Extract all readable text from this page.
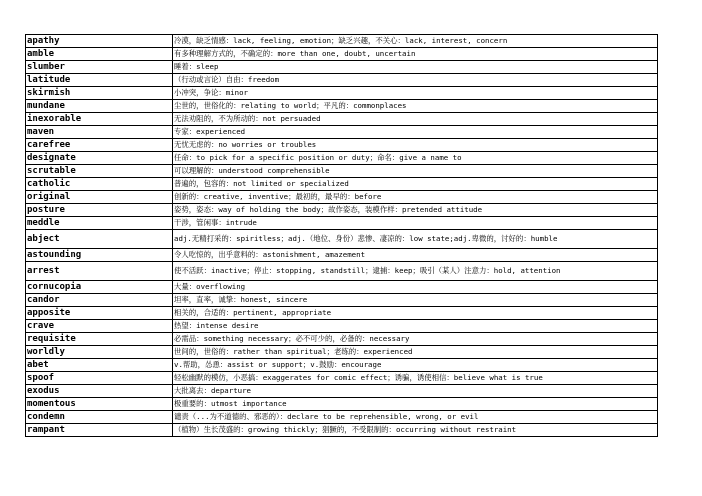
apathy	冷漠，缺乏情感：lack, feeling, emotion；缺乏兴趣，不关心：lack, interest, concern
amble	有多种理解方式的，不确定的：more than one, doubt, uncertain
slumber	睡着：sleep
latitude	（行动或言论）自由：freedom
skirmish	小冲突，争论：minor
mundane	尘世的，世俗化的：relating to world；平凡的：commonplaces
inexorable	无法劝阻的，不为所动的：not persuaded
maven	专家：experienced
carefree	无忧无虑的：no worries or troubles
designate	任命：to pick for a specific position or duty；命名：give a name to
scrutable	可以理解的：understood comprehensible
catholic	普遍的，包容的：not limited or specialized
original	创新的：creative, inventive；最初的，最早的：before
posture	姿势，姿态：way of holding the body；故作姿态，装模作样：pretended attitude
meddle	干涉，管闲事：intrude
abject	adj.无精打采的：spiritless；adj.（地位、身份）悲惨、凄凉的：low state;adj.卑微的，讨好的：humble
astounding	令人吃惊的，出乎意料的：astonishment, amazement
arrest	使不活跃：inactive；停止：stopping, standstill；逮捕：keep；吸引（某人）注意力：hold, attention
cornucopia	大量：overflowing
candor	坦率，直率，诚挚：honest, sincere
apposite	相关的，合适的：pertinent, appropriate
crave	热望：intense desire
requisite	必需品：something necessary；必不可少的，必备的：necessary
worldly	世间的，世俗的：rather than spiritual；老练的：experienced
abet	v.帮助，怂恿：assist or support；v.鼓励：encourage
spoof	轻松幽默的模仿，小恶搞：exaggerates for comic effect；诱骗，诱使相信：believe what is true
exodus	大批离去：departure
momentous	极重要的：utmost importance
condemn	谴责（...为不道德的、邪恶的）：declare to be reprehensible, wrong, or evil
rampant	（植物）生长茂盛的：growing thickly；猖獗的，不受限制的：occurring without restraint
